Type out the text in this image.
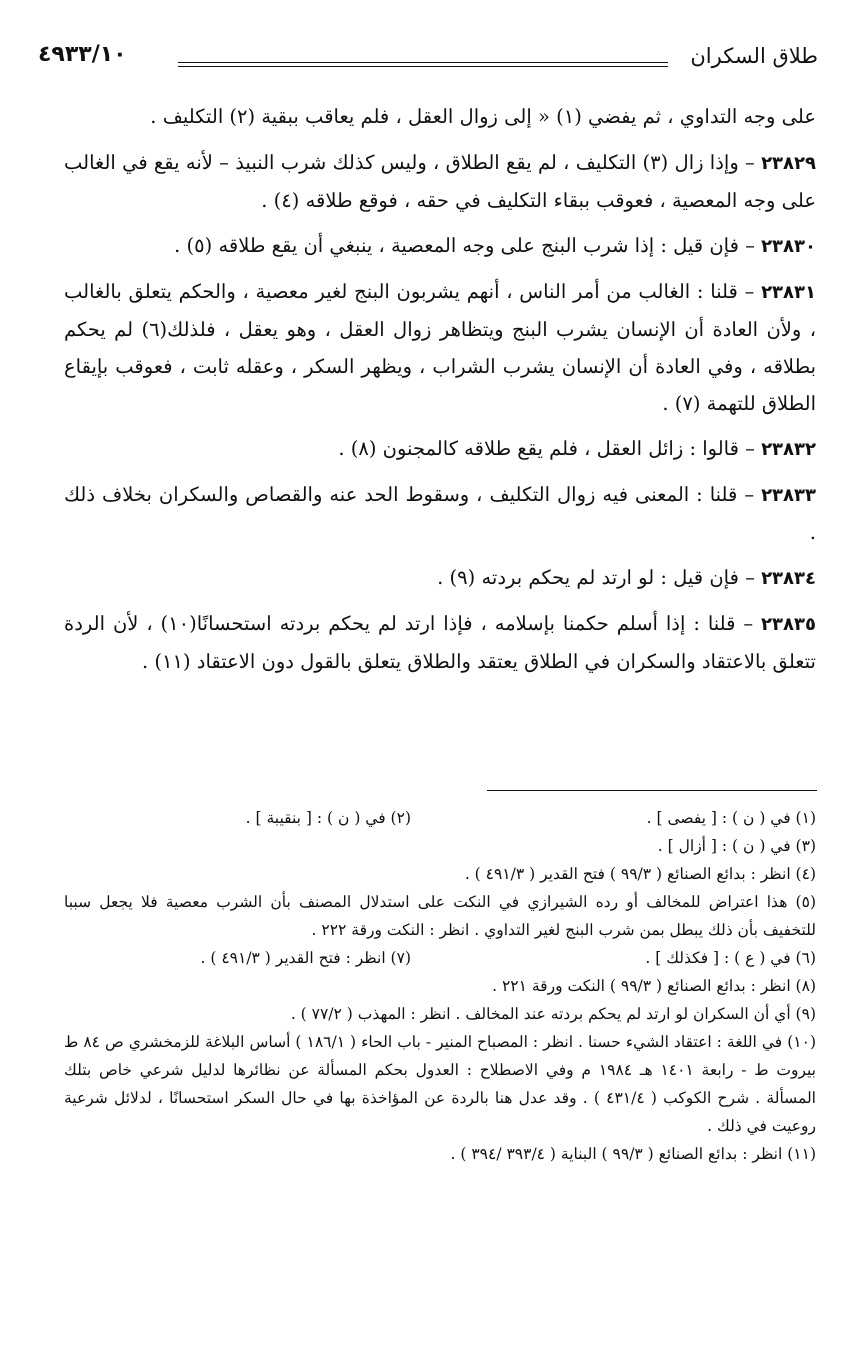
٤٩٣٣/١٠	طلاق السكران

على وجه التداوي ، ثم يفضي (١) « إلى زوال العقل ، فلم يعاقب ببقية (٢) التكليف .

٢٣٨٢٩ – وإذا زال (٣) التكليف ، لم يقع الطلاق ، وليس كذلك شرب النبيذ – لأنه يقع في الغالب على وجه المعصية ، فعوقب ببقاء التكليف في حقه ، فوقع طلاقه (٤) .

٢٣٨٣٠ – فإن قيل : إذا شرب البنج على وجه المعصية ، ينبغي أن يقع طلاقه (٥) .

٢٣٨٣١ – قلنا : الغالب من أمر الناس ، أنهم يشربون البنج لغير معصية ، والحكم يتعلق بالغالب ، ولأن العادة أن الإنسان يشرب البنج ويتظاهر زوال العقل ، وهو يعقل ، فلذلك(٦) لم يحكم بطلاقه ، وفي العادة أن الإنسان يشرب الشراب ، ويظهر السكر ، وعقله ثابت ، فعوقب بإيقاع الطلاق للتهمة (٧) .

٢٣٨٣٢ – قالوا : زائل العقل ، فلم يقع طلاقه كالمجنون (٨) .

٢٣٨٣٣ – قلنا : المعنى فيه زوال التكليف ، وسقوط الحد عنه والقصاص والسكران بخلاف ذلك .

٢٣٨٣٤ – فإن قيل : لو ارتد لم يحكم بردته (٩) .

٢٣٨٣٥ – قلنا : إذا أسلم حكمنا بإسلامه ، فإذا ارتد لم يحكم بردته استحسانًا(١٠) ، لأن الردة تتعلق بالاعتقاد والسكران في الطلاق يعتقد والطلاق يتعلق بالقول دون الاعتقاد (١١) .

(١) في ( ن ) : [ يفصى ] .
(٢) في ( ن ) : [ بنقيبة ] .

(٣) في ( ن ) : [ أزال ] .

(٤) انظر : بدائع الصنائع ( ٩٩/٣ ) فتح القدير ( ٤٩١/٣ ) .

(٥) هذا اعتراض للمخالف أو رده الشيرازي في النكت على استدلال المصنف بأن الشرب معصية فلا يجعل سببا للتخفيف بأن ذلك يبطل بمن شرب البنج لغير التداوي . انظر : النكت ورقة ٢٢٢ .

(٦) في ( ع ) : [ فكذلك ] .
(٧) انظر : فتح القدير ( ٤٩١/٣ ) .

(٨) انظر : بدائع الصنائع ( ٩٩/٣ ) النكت ورقة ٢٢١ .

(٩) أي أن السكران لو ارتد لم يحكم بردته عند المخالف . انظر : المهذب ( ٧٧/٢ ) .

(١٠) في اللغة : اعتقاد الشيء حسنا . انظر : المصباح المنير - باب الحاء ( ١٨٦/١ ) أساس البلاغة للزمخشري ص ٨٤ ط بيروت ط - رابعة ١٤٠١ هـ ١٩٨٤ م وفي الاصطلاح : العدول بحكم المسألة عن نظائرها لدليل شرعي خاص بتلك المسألة . شرح الكوكب ( ٤٣١/٤ ) . وقد عدل هنا بالردة عن المؤاخذة بها في حال السكر استحسانًا ، لدلائل شرعية روعيت في ذلك .

(١١) انظر : بدائع الصنائع ( ٩٩/٣ ) البناية ( ٣٩٣/٤ /٣٩٤ ) .
